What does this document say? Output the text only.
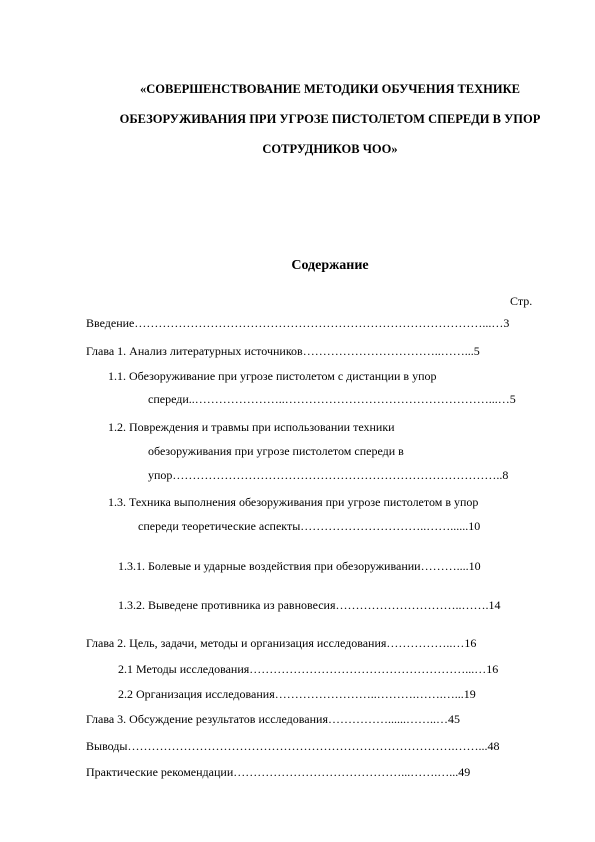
«СОВЕРШЕНСТВОВАНИЕ МЕТОДИКИ ОБУЧЕНИЯ ТЕХНИКЕ
ОБЕЗОРУЖИВАНИЯ ПРИ УГРОЗЕ ПИСТОЛЕТОМ СПЕРЕДИ В УПОР
СОТРУДНИКОВ ЧОО»
Содержание
Стр.
Введение……………………………………………………………………………...…3
Глава 1. Анализ литературных источников……………………………..……...5
1.1. Обезоруживание при угрозе пистолетом с дистанции в упор
спереди..…………………..……………………………………………...…5
1.2. Повреждения и травмы при использовании техники
обезоруживания при угрозе пистолетом спереди в
упор………………………………………………………………………..8
1.3. Техника выполнения обезоруживания при угрозе пистолетом в упор
спереди теоретические аспекты…………………………..……......10
1.3.1. Болевые и ударные воздействия при обезоруживании………....10
1.3.2. Выведене противника из равновесия…………………………..…….14
Глава 2. Цель, задачи, методы и организация исследования……………..…16
2.1 Методы исследования………………………………………………...…16
2.2 Организация исследования……………………..……….…….…...19
Глава 3. Обсуждение результатов исследования……………......……..…45
Выводы……………………………………………………………………….……...48
Практические рекомендации……………………………………...…….…...49
